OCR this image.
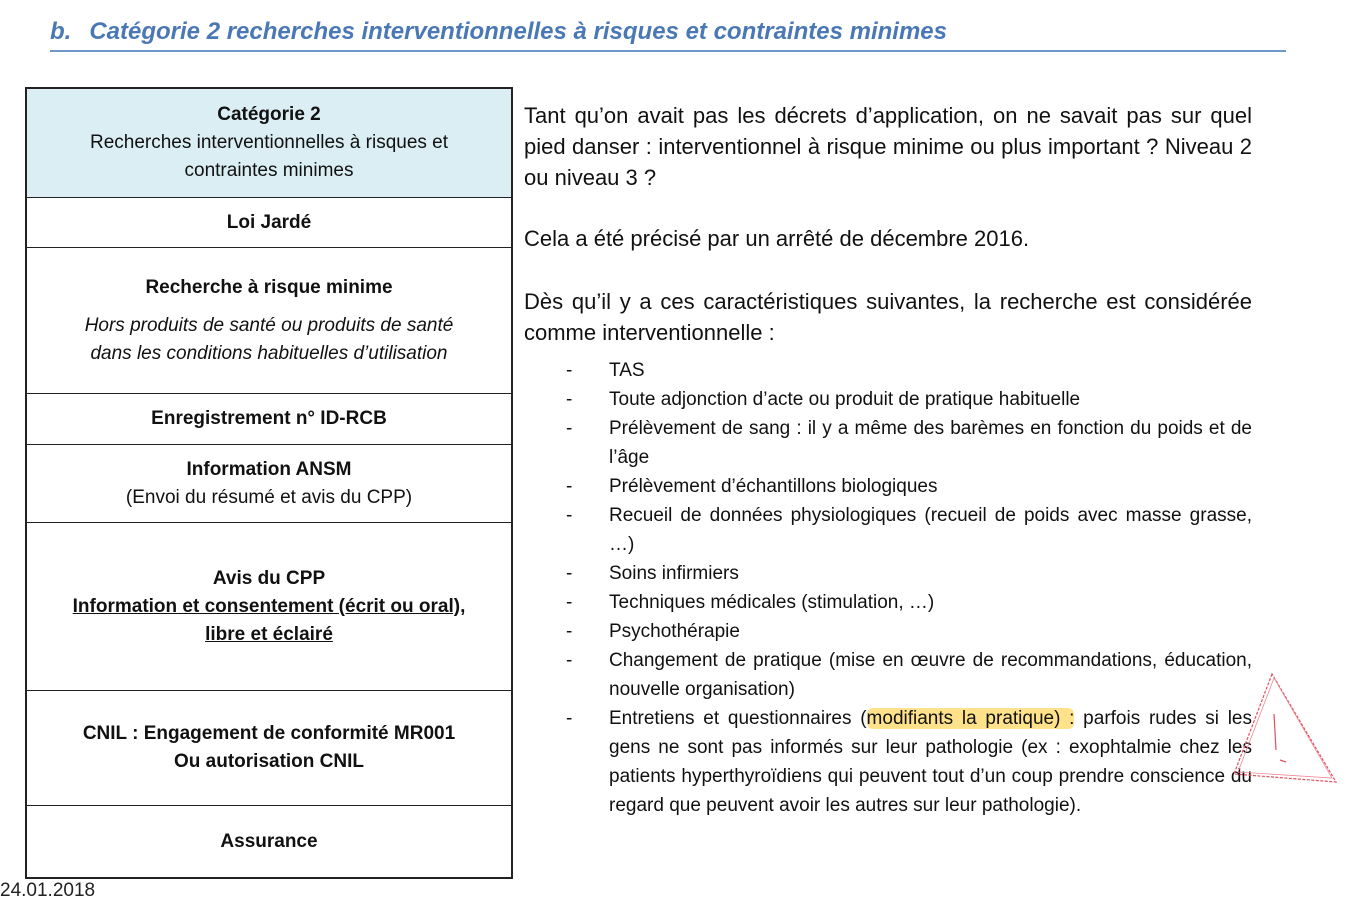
b. Catégorie 2 recherches interventionnelles à risques et contraintes minimes
Catégorie 2
Recherches interventionnelles à risques et
contraintes minimes
Loi Jardé
Recherche à risque minime
Hors produits de santé ou produits de santé
dans les conditions habituelles d’utilisation
Enregistrement n° ID-RCB
Information ANSM
(Envoi du résumé et avis du CPP)
Avis du CPP
Information et consentement (écrit ou oral),
libre et éclairé
CNIL : Engagement de conformité MR001
Ou autorisation CNIL
Assurance

Tant qu’on avait pas les décrets d’application, on ne savait pas sur quel pied danser : interventionnel à risque minime ou plus important ? Niveau 2 ou niveau 3 ?

Cela a été précisé par un arrêté de décembre 2016.

Dès qu’il y a ces caractéristiques suivantes, la recherche est considérée comme interventionnelle :

- TAS
- Toute adjonction d’acte ou produit de pratique habituelle
- Prélèvement de sang : il y a même des barèmes en fonction du poids et de l’âge
- Prélèvement d’échantillons biologiques
- Recueil de données physiologiques (recueil de poids avec masse grasse, …)
- Soins infirmiers
- Techniques médicales (stimulation, …)
- Psychothérapie
- Changement de pratique (mise en œuvre de recommandations, éducation, nouvelle organisation)
- Entretiens et questionnaires (modifiants la pratique) : parfois rudes si les gens ne sont pas informés sur leur pathologie (ex : exophtalmie chez les patients hyperthyroïdiens qui peuvent tout d’un coup prendre conscience du regard que peuvent avoir les autres sur leur pathologie).
24.01.2018
